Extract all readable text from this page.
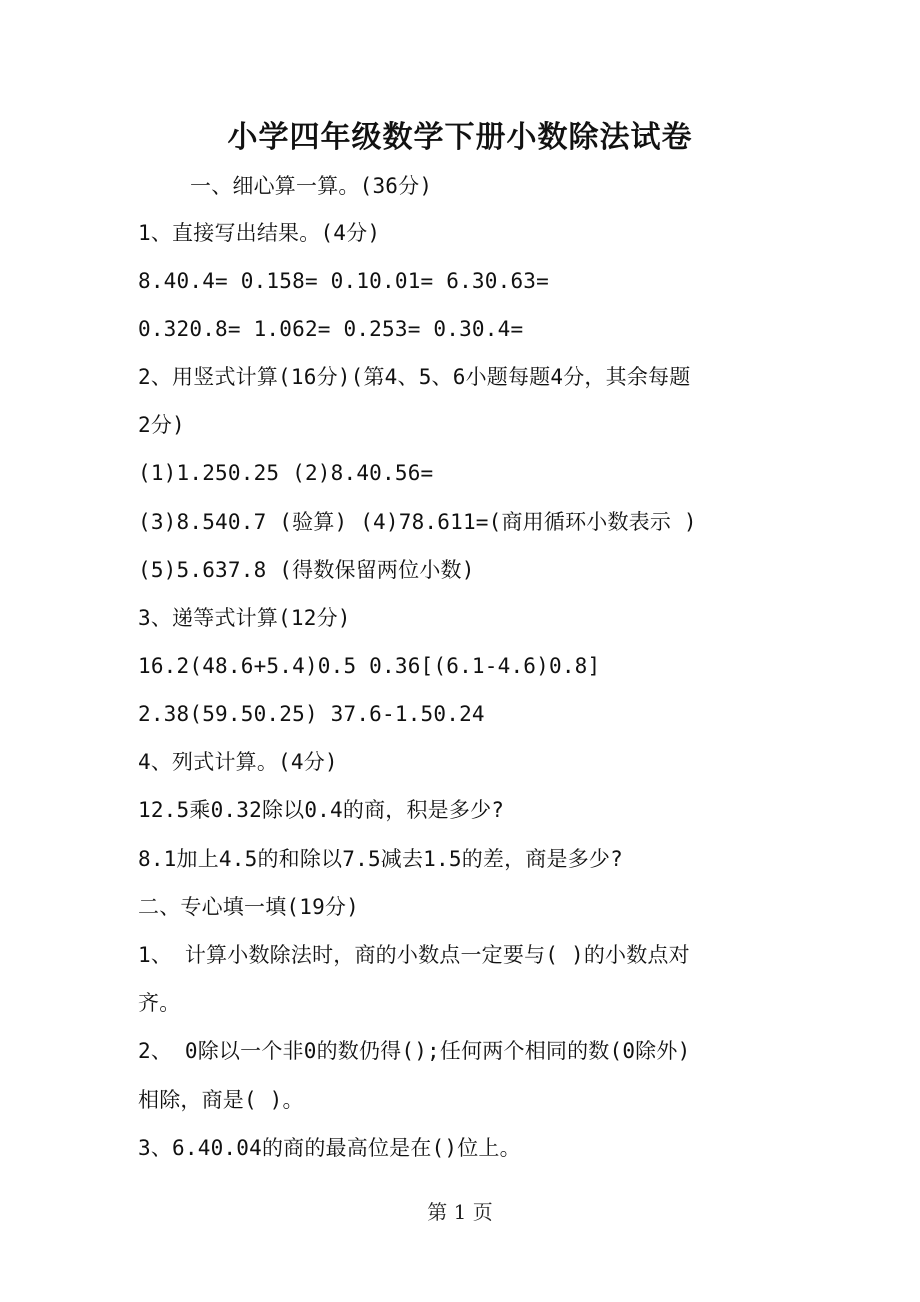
小学四年级数学下册小数除法试卷
一、细心算一算。(36分)
1、直接写出结果。(4分)
8.40.4= 0.158= 0.10.01= 6.30.63=
0.320.8= 1.062= 0.253= 0.30.4=
2、用竖式计算(16分)(第4、5、6小题每题4分，其余每题
2分)
(1)1.250.25 (2)8.40.56=
(3)8.540.7 (验算) (4)78.611=(商用循环小数表示 )
(5)5.637.8 (得数保留两位小数)
3、递等式计算(12分)
16.2(48.6+5.4)0.5 0.36[(6.1-4.6)0.8]
2.38(59.50.25) 37.6-1.50.24
4、列式计算。(4分)
12.5乘0.32除以0.4的商，积是多少?
8.1加上4.5的和除以7.5减去1.5的差，商是多少?
二、专心填一填(19分)
1、 计算小数除法时，商的小数点一定要与( )的小数点对
齐。
2、 0除以一个非0的数仍得();任何两个相同的数(0除外)
相除，商是( )。
3、6.40.04的商的最高位是在()位上。
第 1 页
